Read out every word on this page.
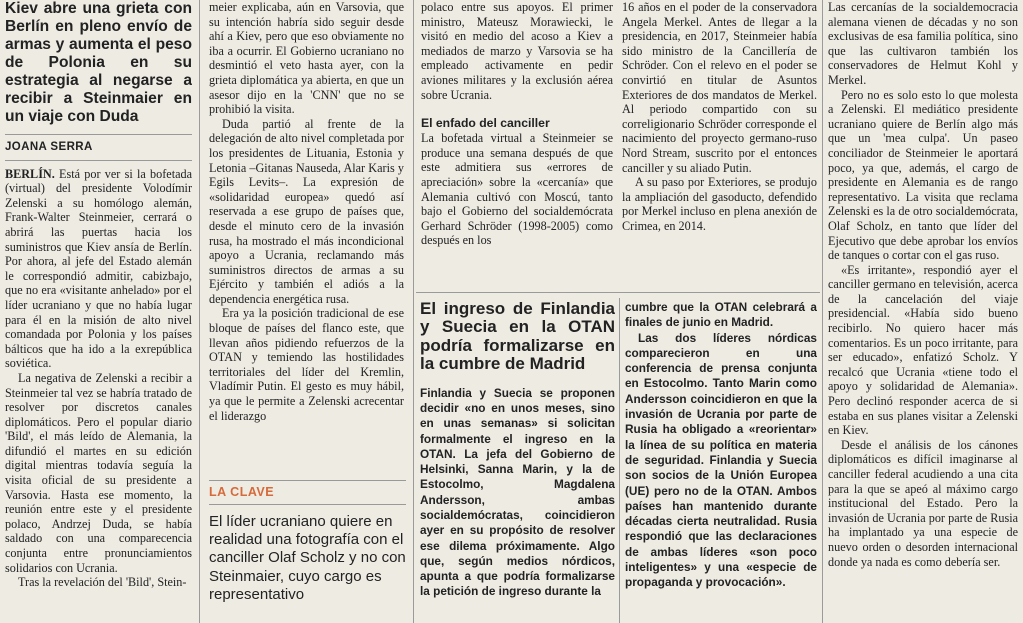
Kiev abre una grieta con Berlín en pleno envío de armas y aumenta el peso de Polonia en su estrategia al negarse a recibir a Steinmaier en un viaje con Duda

JOANA SERRA

BERLÍN. Está por ver si la bofetada (virtual) del presidente Volodímir Zelenski a su homólogo alemán, Frank-Walter Steinmeier, cerrará o abrirá las puertas hacia los suministros que Kiev ansía de Berlín. Por ahora, al jefe del Estado alemán le correspondió admitir, cabizbajo, que no era «visitante anhelado» por el líder ucraniano y que no había lugar para él en la misión de alto nivel comandada por Polonia y los países bálticos que ha ido a la exrepública soviética.

La negativa de Zelenski a recibir a Steinmeier tal vez se habría tratado de resolver por discretos canales diplomáticos. Pero el popular diario 'Bild', el más leído de Alemania, la difundió el martes en su edición digital mientras todavía seguía la visita oficial de su presidente a Varsovia. Hasta ese momento, la reunión entre este y el presidente polaco, Andrzej Duda, se había saldado con una comparecencia conjunta entre pronunciamientos solidarios con Ucrania.

Tras la revelación del 'Bild', Stein-

meier explicaba, aún en Varsovia, que su intención habría sido seguir desde ahí a Kiev, pero que eso obviamente no iba a ocurrir. El Gobierno ucraniano no desmintió el veto hasta ayer, con la grieta diplomática ya abierta, en que un asesor dijo en la 'CNN' que no se prohibió la visita.

Duda partió al frente de la delegación de alto nivel completada por los presidentes de Lituania, Estonia y Letonia –Gitanas Nauseda, Alar Karis y Egils Levits–. La expresión de «solidaridad europea» quedó así reservada a ese grupo de países que, desde el minuto cero de la invasión rusa, ha mostrado el más incondicional apoyo a Ucrania, reclamando más suministros directos de armas a su Ejército y también el adiós a la dependencia energética rusa.

Era ya la posición tradicional de ese bloque de países del flanco este, que llevan años pidiendo refuerzos de la OTAN y temiendo las hostilidades territoriales del líder del Kremlin, Vladímir Putin. El gesto es muy hábil, ya que le permite a Zelenski acrecentar el liderazgo

LA CLAVE

El líder ucraniano quiere en realidad una fotografía con el canciller Olaf Scholz y no con Steinmaier, cuyo cargo es representativo

polaco entre sus apoyos. El primer ministro, Mateusz Morawiecki, le visitó en medio del acoso a Kiev a mediados de marzo y Varsovia se ha empleado activamente en pedir aviones militares y la exclusión aérea sobre Ucrania.

El enfado del canciller

La bofetada virtual a Steinmeier se produce una semana después de que este admitiera sus «errores de apreciación» sobre la «cercanía» que Alemania cultivó con Moscú, tanto bajo el Gobierno del socialdemócrata Gerhard Schröder (1998-2005) como después en los

16 años en el poder de la conservadora Angela Merkel. Antes de llegar a la presidencia, en 2017, Steinmeier había sido ministro de la Cancillería de Schröder. Con el relevo en el poder se convirtió en titular de Asuntos Exteriores de dos mandatos de Merkel. Al periodo compartido con su correligionario Schröder corresponde el nacimiento del proyecto germano-ruso Nord Stream, suscrito por el entonces canciller y su aliado Putin.

A su paso por Exteriores, se produjo la ampliación del gasoducto, defendido por Merkel incluso en plena anexión de Crimea, en 2014.

El ingreso de Finlandia y Suecia en la OTAN podría formalizarse en la cumbre de Madrid

Finlandia y Suecia se proponen decidir «no en unos meses, sino en unas semanas» si solicitan formalmente el ingreso en la OTAN. La jefa del Gobierno de Helsinki, Sanna Marin, y la de Estocolmo, Magdalena Andersson, ambas socialdemócratas, coincidieron ayer en su propósito de resolver ese dilema próximamente. Algo que, según medios nórdicos, apunta a que podría formalizarse la petición de ingreso durante la

cumbre que la OTAN celebrará a finales de junio en Madrid.

Las dos líderes nórdicas comparecieron en una conferencia de prensa conjunta en Estocolmo. Tanto Marin como Andersson coincidieron en que la invasión de Ucrania por parte de Rusia ha obligado a «reorientar» la línea de su política en materia de seguridad. Finlandia y Suecia son socios de la Unión Europea (UE) pero no de la OTAN. Ambos países han mantenido durante décadas cierta neutralidad. Rusia respondió que las declaraciones de ambas líderes «son poco inteligentes» y una «especie de propaganda y provocación».

Las cercanías de la socialdemocracia alemana vienen de décadas y no son exclusivas de esa familia política, sino que las cultivaron también los conservadores de Helmut Kohl y Merkel.

Pero no es solo esto lo que molesta a Zelenski. El mediático presidente ucraniano quiere de Berlín algo más que un 'mea culpa'. Un paseo conciliador de Steinmeier le aportará poco, ya que, además, el cargo de presidente en Alemania es de rango representativo. La visita que reclama Zelenski es la de otro socialdemócrata, Olaf Scholz, en tanto que líder del Ejecutivo que debe aprobar los envíos de tanques o cortar con el gas ruso.

«Es irritante», respondió ayer el canciller germano en televisión, acerca de la cancelación del viaje presidencial. «Había sido bueno recibirlo. No quiero hacer más comentarios. Es un poco irritante, para ser educado», enfatizó Scholz. Y recalcó que Ucrania «tiene todo el apoyo y solidaridad de Alemania». Pero declinó responder acerca de si estaba en sus planes visitar a Zelenski en Kiev.

Desde el análisis de los cánones diplomáticos es difícil imaginarse al canciller federal acudiendo a una cita para la que se apeó al máximo cargo institucional del Estado. Pero la invasión de Ucrania por parte de Rusia ha implantado ya una especie de nuevo orden o desorden internacional donde ya nada es como debería ser.
